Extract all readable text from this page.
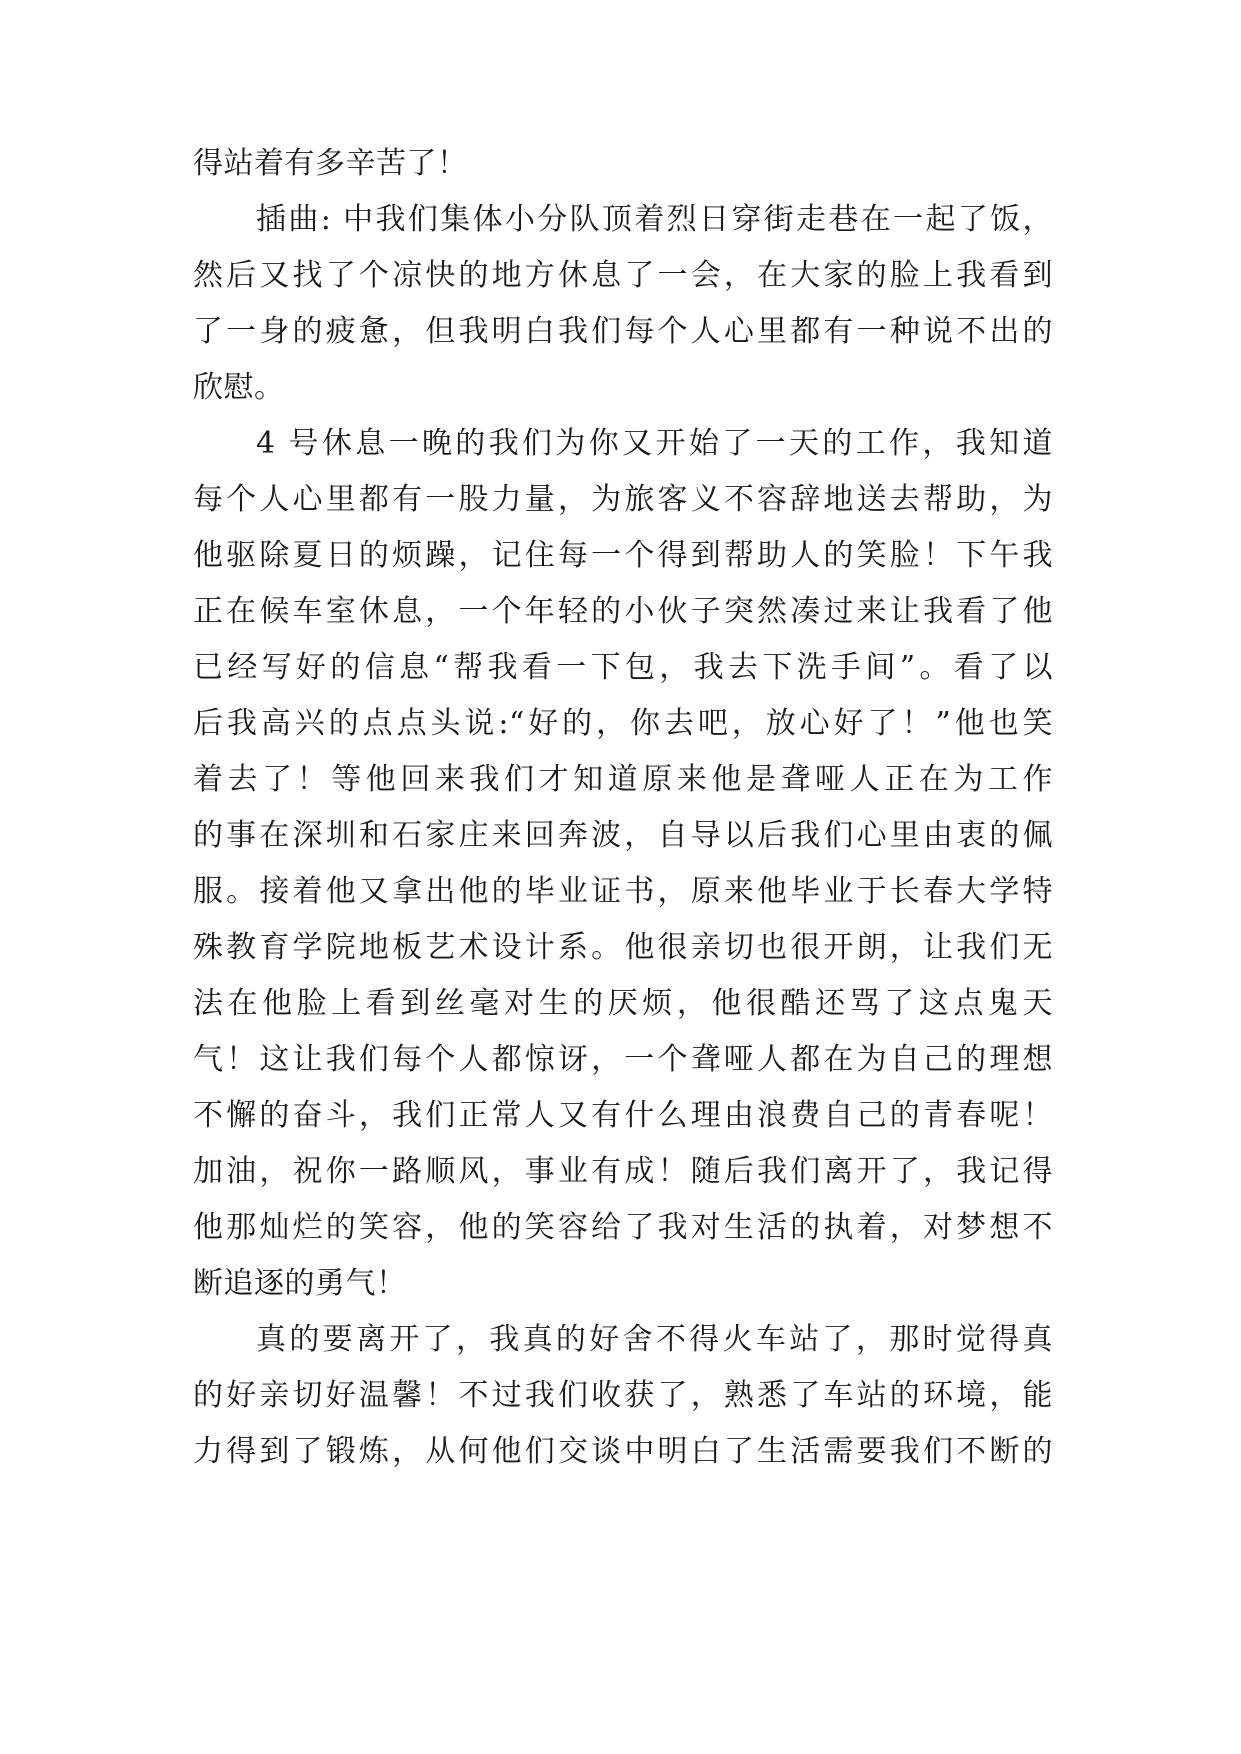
得站着有多辛苦了！
插曲: 中我们集体小分队顶着烈日穿街走巷在一起了饭，
然后又找了个凉快的地方休息了一会，在大家的脸上我看到
了一身的疲惫，但我明白我们每个人心里都有一种说不出的
欣慰。
4 号休息一晚的我们为你又开始了一天的工作，我知道
每个人心里都有一股力量，为旅客义不容辞地送去帮助，为
他驱除夏日的烦躁，记住每一个得到帮助人的笑脸！下午我
正在候车室休息，一个年轻的小伙子突然凑过来让我看了他
已经写好的信息“帮我看一下包，我去下洗手间”。看了以
后我高兴的点点头说:“好的，你去吧，放心好了！”他也笑
着去了！等他回来我们才知道原来他是聋哑人正在为工作
的事在深圳和石家庄来回奔波，自导以后我们心里由衷的佩
服。接着他又拿出他的毕业证书，原来他毕业于长春大学特
殊教育学院地板艺术设计系。他很亲切也很开朗，让我们无
法在他脸上看到丝毫对生的厌烦，他很酷还骂了这点鬼天
气！这让我们每个人都惊讶，一个聋哑人都在为自己的理想
不懈的奋斗，我们正常人又有什么理由浪费自己的青春呢！
加油，祝你一路顺风，事业有成！随后我们离开了，我记得
他那灿烂的笑容，他的笑容给了我对生活的执着，对梦想不
断追逐的勇气！
真的要离开了，我真的好舍不得火车站了，那时觉得真
的好亲切好温馨！不过我们收获了，熟悉了车站的环境，能
力得到了锻炼，从何他们交谈中明白了生活需要我们不断的
